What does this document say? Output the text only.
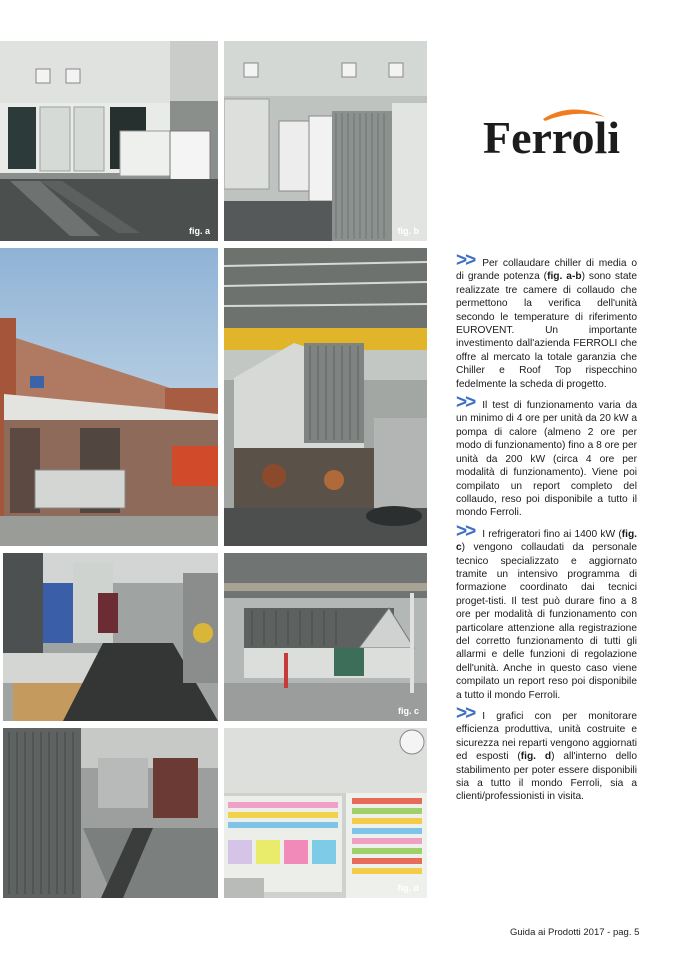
fig. a	fig. b
fig. c
fig. d
Ferroli

>> Per collaudare chiller di media o di grande potenza (fig. a-b) sono state realizzate tre camere di collaudo che permettono la verifica dell'unità secondo le temperature di riferimento EUROVENT. Un importante investimento dall'azienda FERROLI che offre al mercato la totale garanzia che Chiller e Roof Top rispecchino fedelmente la scheda di progetto.

>> Il test di funzionamento varia da un minimo di 4 ore per unità da 20 kW a pompa di calore (almeno 2 ore per modo di funzionamento) fino a 8 ore per unità da 200 kW (circa 4 ore per modalità di funzionamento). Viene poi compilato un report completo del collaudo, reso poi disponibile a tutto il mondo Ferroli.

>> I refrigeratori fino ai 1400 kW (fig. c) vengono collaudati da personale tecnico specializzato e aggiornato tramite un intensivo programma di formazione coordinato dai tecnici proget-tisti. Il test può durare fino a 8 ore per modalità di funzionamento con particolare attenzione alla registrazione del corretto funzionamento di tutti gli allarmi e delle funzioni di regolazione dell'unità. Anche in questo caso viene compilato un report reso poi disponibile a tutto il mondo Ferroli.

>> I grafici con per monitorare efficienza produttiva, unità costruite e sicurezza nei reparti vengono aggiornati ed esposti (fig. d) all'interno dello stabilimento per poter essere disponibili sia a tutto il mondo Ferroli, sia a clienti/professionisti in visita.

Guida ai Prodotti 2017 - pag. 5
